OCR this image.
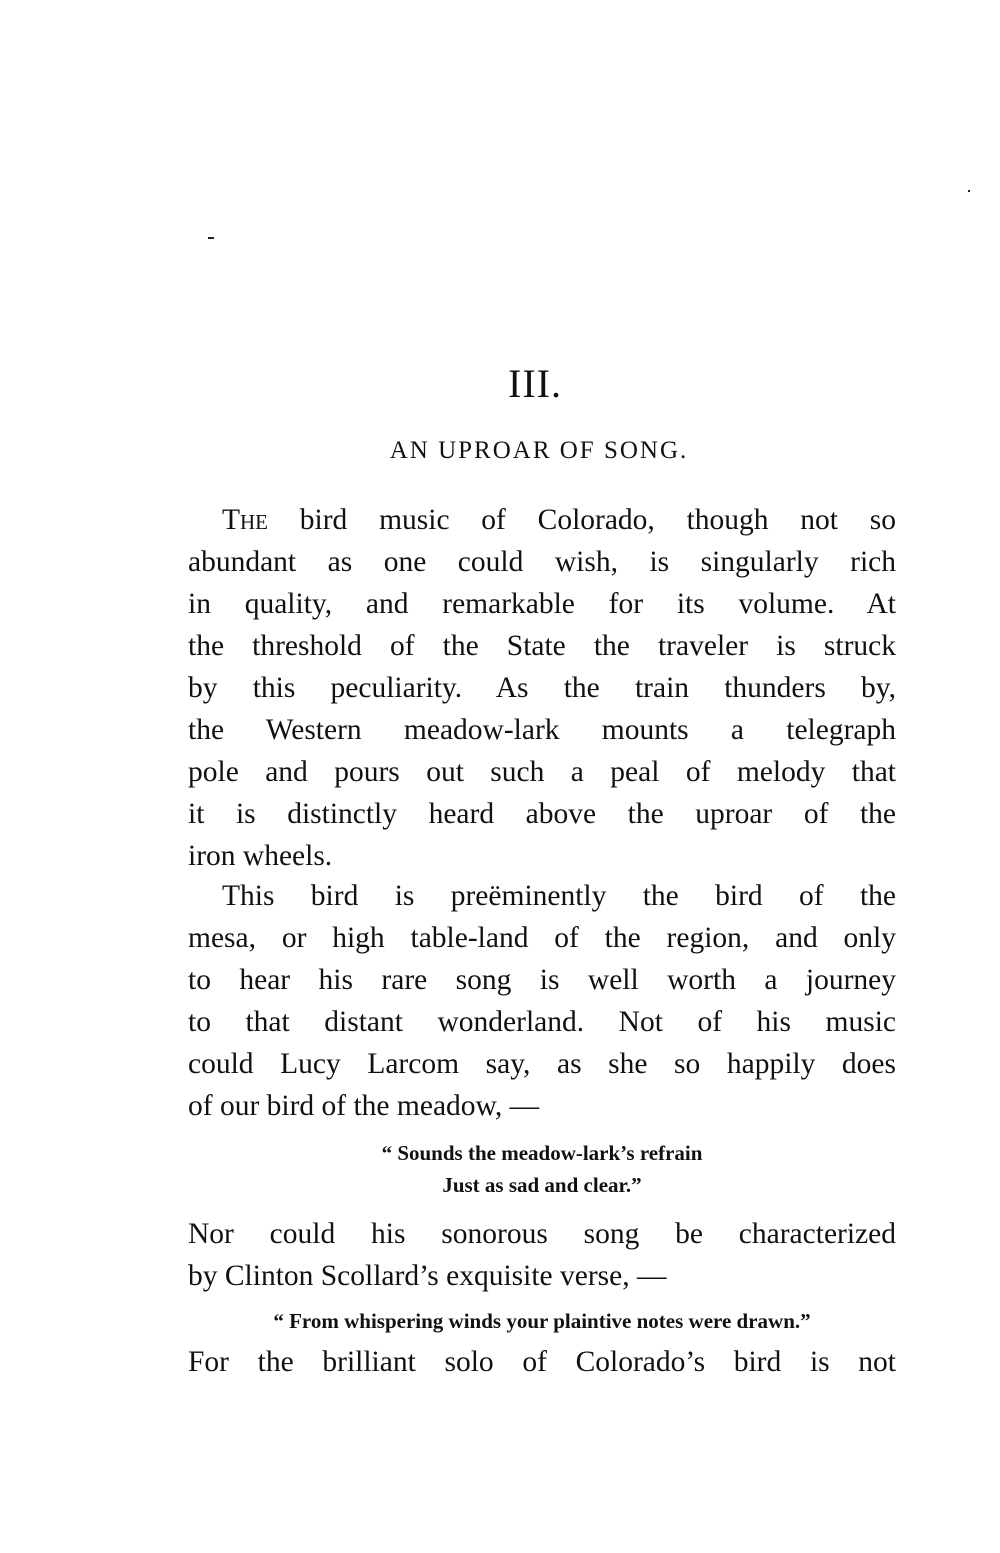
III.
AN UPROAR OF SONG.
The bird music of Colorado, though not so
abundant as one could wish, is singularly rich
in quality, and remarkable for its volume. At
the threshold of the State the traveler is struck
by this peculiarity. As the train thunders by,
the Western meadow-lark mounts a telegraph
pole and pours out such a peal of melody that
it is distinctly heard above the uproar of the
iron wheels.
This bird is preëminently the bird of the
mesa, or high table-land of the region, and only
to hear his rare song is well worth a journey
to that distant wonderland. Not of his music
could Lucy Larcom say, as she so happily does
of our bird of the meadow, —
“ Sounds the meadow-lark’s refrain
Just as sad and clear.”
Nor could his sonorous song be characterized
by Clinton Scollard’s exquisite verse, —
“ From whispering winds your plaintive notes were drawn.”
For the brilliant solo of Colorado’s bird is not
